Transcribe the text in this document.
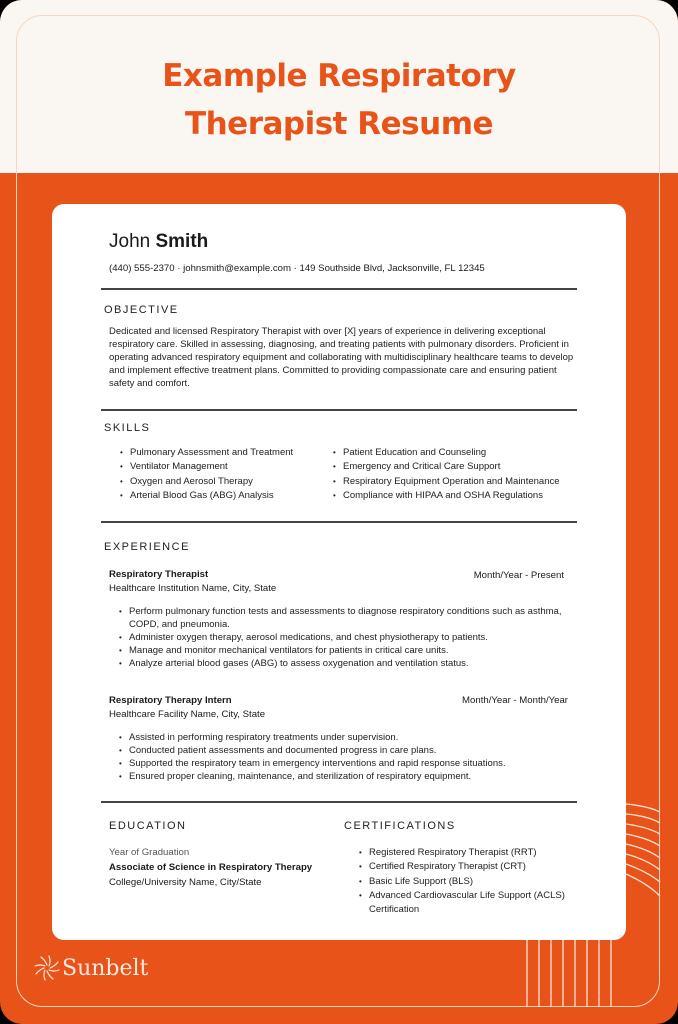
Example Respiratory
Therapist Resume
John Smith
(440) 555-2370 · johnsmith@example.com · 149 Southside Blvd, Jacksonville, FL 12345
OBJECTIVE
Dedicated and licensed Respiratory Therapist with over [X] years of experience in delivering exceptional respiratory care. Skilled in assessing, diagnosing, and treating patients with pulmonary disorders. Proficient in operating advanced respiratory equipment and collaborating with multidisciplinary healthcare teams to develop and implement effective treatment plans. Committed to providing compassionate care and ensuring patient safety and comfort.
SKILLS
• Pulmonary Assessment and Treatment
• Ventilator Management
• Oxygen and Aerosol Therapy
• Arterial Blood Gas (ABG) Analysis
• Patient Education and Counseling
• Emergency and Critical Care Support
• Respiratory Equipment Operation and Maintenance
• Compliance with HIPAA and OSHA Regulations
EXPERIENCE
Respiratory Therapist
Healthcare Institution Name, City, State
Month/Year - Present
• Perform pulmonary function tests and assessments to diagnose respiratory conditions such as asthma, COPD, and pneumonia.
• Administer oxygen therapy, aerosol medications, and chest physiotherapy to patients.
• Manage and monitor mechanical ventilators for patients in critical care units.
• Analyze arterial blood gases (ABG) to assess oxygenation and ventilation status.
Respiratory Therapy Intern
Healthcare Facility Name, City, State
Month/Year - Month/Year
• Assisted in performing respiratory treatments under supervision.
• Conducted patient assessments and documented progress in care plans.
• Supported the respiratory team in emergency interventions and rapid response situations.
• Ensured proper cleaning, maintenance, and sterilization of respiratory equipment.
EDUCATION
Year of Graduation
Associate of Science in Respiratory Therapy
College/University Name, City/State
CERTIFICATIONS
• Registered Respiratory Therapist (RRT)
• Certified Respiratory Therapist (CRT)
• Basic Life Support (BLS)
• Advanced Cardiovascular Life Support (ACLS) Certification
Sunbelt
